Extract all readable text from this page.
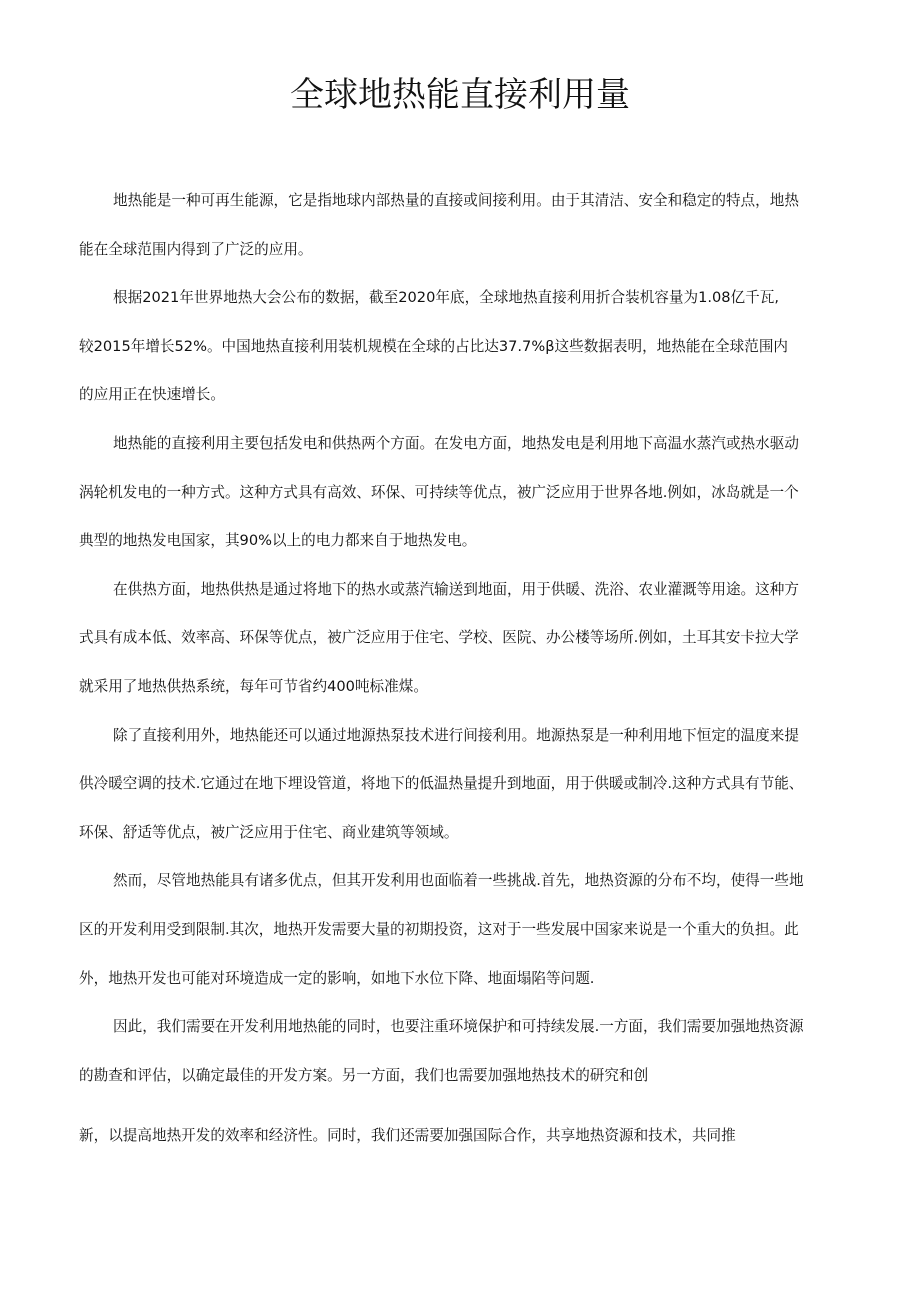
全球地热能直接利用量
地热能是一种可再生能源，它是指地球内部热量的直接或间接利用。由于其清洁、安全和稳定的特点，地热
能在全球范围内得到了广泛的应用。
根据2021年世界地热大会公布的数据，截至2020年底，全球地热直接利用折合装机容量为1.08亿千瓦,
较2015年增长52%。中国地热直接利用装机规模在全球的占比达37.7%β这些数据表明，地热能在全球范围内
的应用正在快速增长。
地热能的直接利用主要包括发电和供热两个方面。在发电方面，地热发电是利用地下高温水蒸汽或热水驱动
涡轮机发电的一种方式。这种方式具有高效、环保、可持续等优点，被广泛应用于世界各地.例如，冰岛就是一个
典型的地热发电国家，其90%以上的电力都来自于地热发电。
在供热方面，地热供热是通过将地下的热水或蒸汽输送到地面，用于供暖、洗浴、农业灌溉等用途。这种方
式具有成本低、效率高、环保等优点，被广泛应用于住宅、学校、医院、办公楼等场所.例如，土耳其安卡拉大学
就采用了地热供热系统，每年可节省约400吨标准煤。
除了直接利用外，地热能还可以通过地源热泵技术进行间接利用。地源热泵是一种利用地下恒定的温度来提
供冷暖空调的技术.它通过在地下埋设管道，将地下的低温热量提升到地面，用于供暖或制冷.这种方式具有节能、
环保、舒适等优点，被广泛应用于住宅、商业建筑等领域。
然而，尽管地热能具有诸多优点，但其开发利用也面临着一些挑战.首先，地热资源的分布不均，使得一些地
区的开发利用受到限制.其次，地热开发需要大量的初期投资，这对于一些发展中国家来说是一个重大的负担。此
外，地热开发也可能对环境造成一定的影响，如地下水位下降、地面塌陷等问题.
因此，我们需要在开发利用地热能的同时，也要注重环境保护和可持续发展.一方面，我们需要加强地热资源
的勘查和评估，以确定最佳的开发方案。另一方面，我们也需要加强地热技术的研究和创
新，以提高地热开发的效率和经济性。同时，我们还需要加强国际合作，共享地热资源和技术，共同推
